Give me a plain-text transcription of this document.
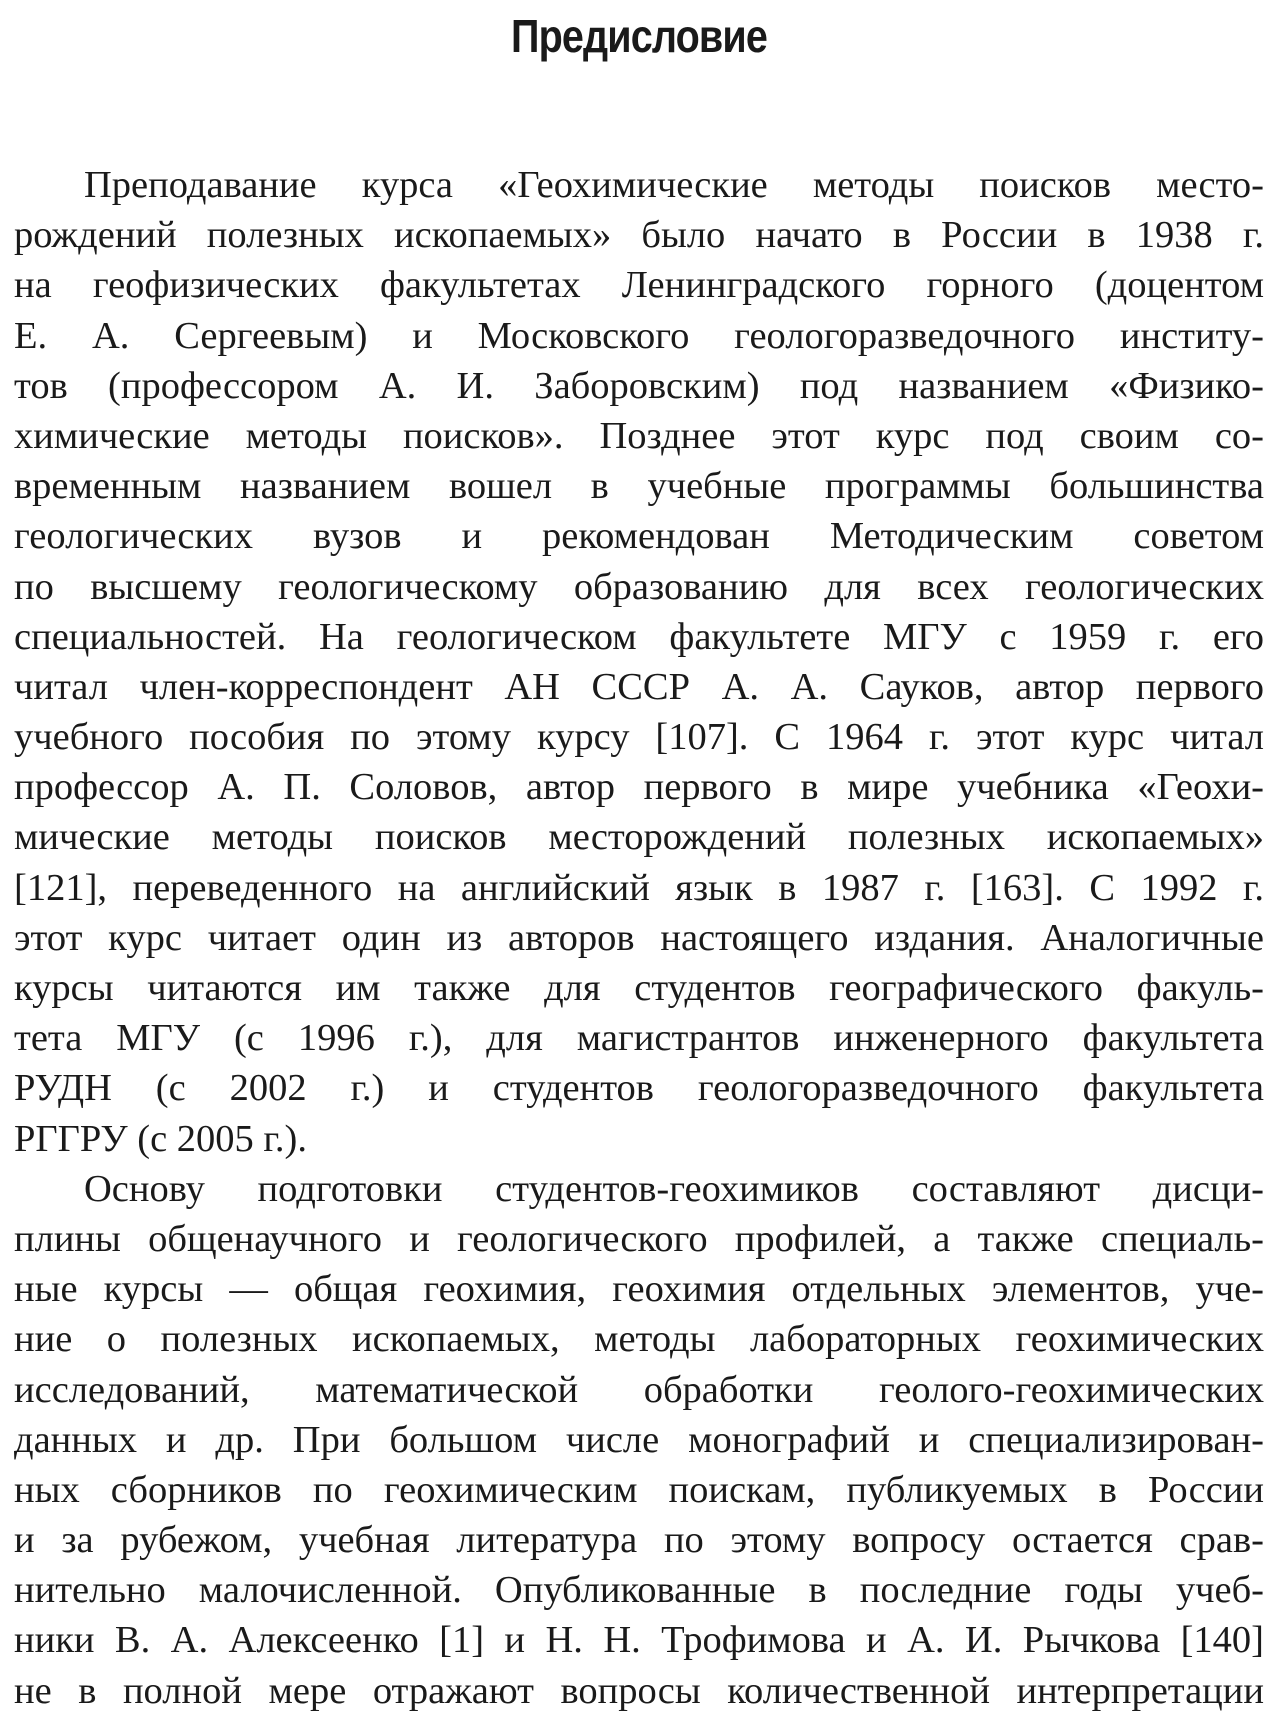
Предисловие

Преподавание курса «Геохимические методы поисков место-
рождений полезных ископаемых» было начато в России в 1938 г.
на геофизических факультетах Ленинградского горного (доцентом
Е. А. Сергеевым) и Московского геологоразведочного институ-
тов (профессором А. И. Заборовским) под названием «Физико-
химические методы поисков». Позднее этот курс под своим со-
временным названием вошел в учебные программы большинства
геологических вузов и рекомендован Методическим советом
по высшему геологическому образованию для всех геологических
специальностей. На геологическом факультете МГУ с 1959 г. его
читал член-корреспондент АН СССР А. А. Сауков, автор первого
учебного пособия по этому курсу [107]. С 1964 г. этот курс читал
профессор А. П. Соловов, автор первого в мире учебника «Геохи-
мические методы поисков месторождений полезных ископаемых»
[121], переведенного на английский язык в 1987 г. [163]. С 1992 г.
этот курс читает один из авторов настоящего издания. Аналогичные
курсы читаются им также для студентов географического факуль-
тета МГУ (с 1996 г.), для магистрантов инженерного факультета
РУДН (с 2002 г.) и студентов геологоразведочного факультета
РГГРУ (с 2005 г.).

Основу подготовки студентов-геохимиков составляют дисци-
плины общенаучного и геологического профилей, а также специаль-
ные курсы — общая геохимия, геохимия отдельных элементов, уче-
ние о полезных ископаемых, методы лабораторных геохимических
исследований, математической обработки геолого-геохимических
данных и др. При большом числе монографий и специализирован-
ных сборников по геохимическим поискам, публикуемых в России
и за рубежом, учебная литература по этому вопросу остается срав-
нительно малочисленной. Опубликованные в последние годы учеб-
ники В. А. Алексеенко [1] и Н. Н. Трофимова и А. И. Рычкова [140]
не в полной мере отражают вопросы количественной интерпретации
